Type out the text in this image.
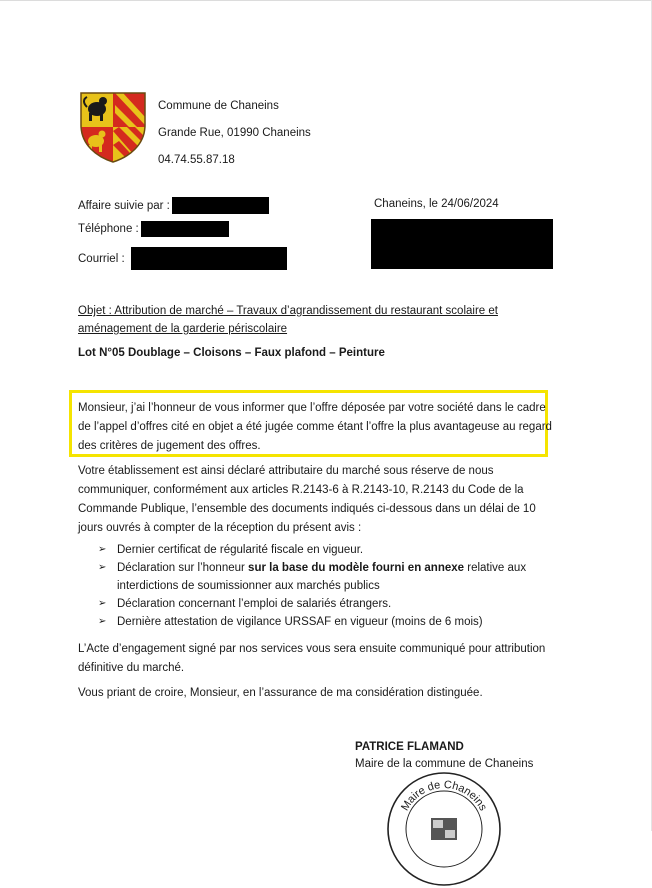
Commune de Chaneins
Grande Rue, 01990 Chaneins
04.74.55.87.18
Affaire suivie par :
Téléphone :
Courriel :
Chaneins, le 24/06/2024
Objet : Attribution de marché – Travaux d’agrandissement du restaurant scolaire et aménagement de la garderie périscolaire
Lot N°05 Doublage – Cloisons – Faux plafond – Peinture
Monsieur, j’ai l’honneur de vous informer que l’offre déposée par votre société dans le cadre de l’appel d’offres cité en objet a été jugée comme étant l’offre la plus avantageuse au regard des critères de jugement des offres.
Votre établissement est ainsi déclaré attributaire du marché sous réserve de nous communiquer, conformément aux articles R.2143-6 à R.2143-10, R.2143 du Code de la Commande Publique, l’ensemble des documents indiqués ci-dessous dans un délai de 10 jours ouvrés à compter de la réception du présent avis :
➢ Dernier certificat de régularité fiscale en vigueur.
➢ Déclaration sur l’honneur sur la base du modèle fourni en annexe relative aux interdictions de soumissionner aux marchés publics
➢ Déclaration concernant l’emploi de salariés étrangers.
➢ Dernière attestation de vigilance URSSAF en vigueur (moins de 6 mois)
L’Acte d’engagement signé par nos services vous sera ensuite communiqué pour attribution définitive du marché.
Vous priant de croire, Monsieur, en l’assurance de ma considération distinguée.
PATRICE FLAMAND
Maire de la commune de Chaneins
Maire de Chaneins
